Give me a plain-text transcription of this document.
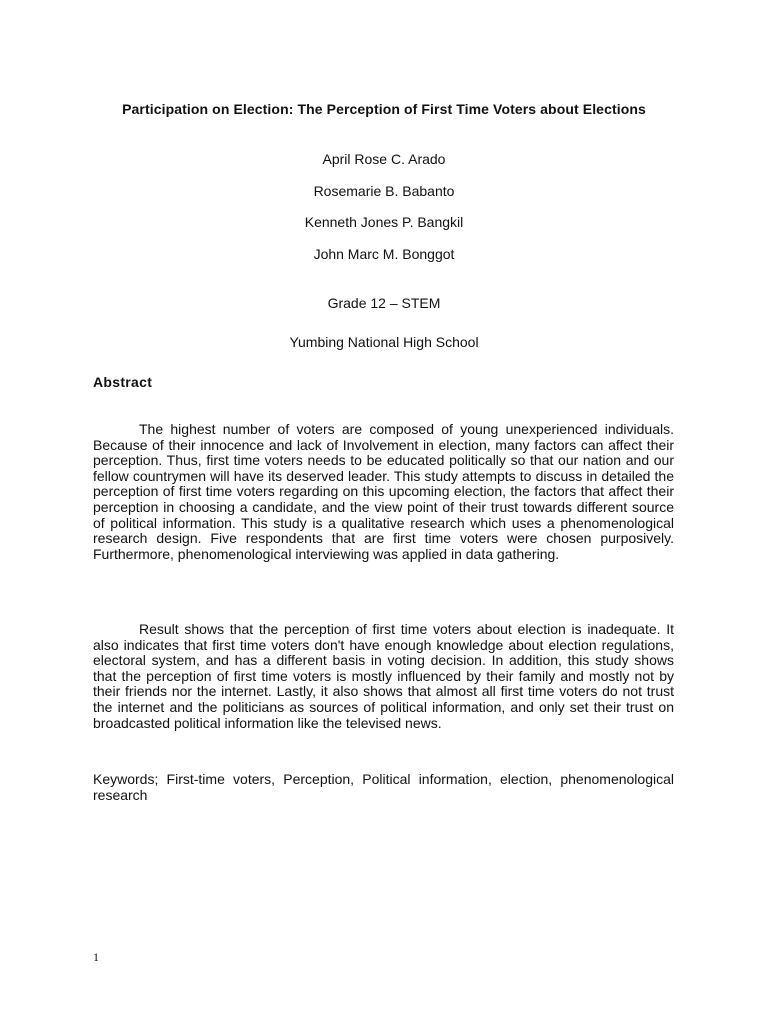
Participation on Election: The Perception of First Time Voters about Elections
April Rose C. Arado
Rosemarie B. Babanto
Kenneth Jones P. Bangkil
John Marc M. Bonggot
Grade 12 – STEM
Yumbing National High School
Abstract

The highest number of voters are composed of young unexperienced individuals. Because of their innocence and lack of Involvement in election, many factors can affect their perception. Thus, first time voters needs to be educated politically so that our nation and our fellow countrymen will have its deserved leader. This study attempts to discuss in detailed the perception of first time voters regarding on this upcoming election, the factors that affect their perception in choosing a candidate, and the view point of their trust towards different source of political information. This study is a qualitative research which uses a phenomenological research design. Five respondents that are first time voters were chosen purposively. Furthermore, phenomenological interviewing was applied in data gathering.

Result shows that the perception of first time voters about election is inadequate. It also indicates that first time voters don't have enough knowledge about election regulations, electoral system, and has a different basis in voting decision. In addition, this study shows that the perception of first time voters is mostly influenced by their family and mostly not by their friends nor the internet. Lastly, it also shows that almost all first time voters do not trust the internet and the politicians as sources of political information, and only set their trust on broadcasted political information like the televised news.

Keywords; First-time voters, Perception, Political information, election, phenomenological research

1
